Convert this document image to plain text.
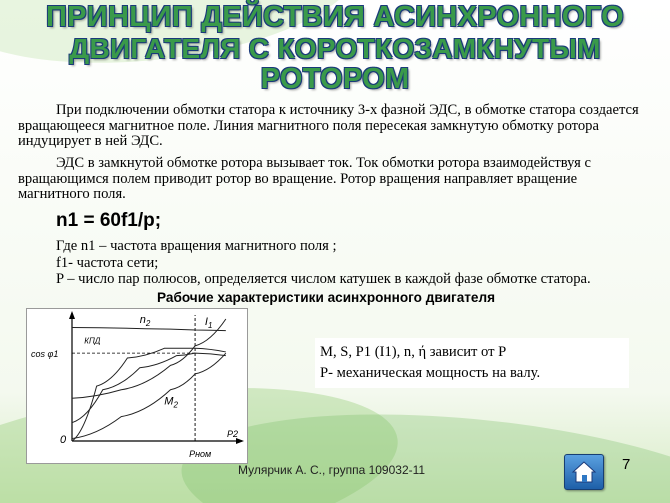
ПРИНЦИП ДЕЙСТВИЯ АСИНХРОННОГО
ДВИГАТЕЛЯ С КОРОТКОЗАМКНУТЫМ
РОТОРОМ
При подключении обмотки статора к источнику 3-х фазной ЭДС, в обмотке статора создается вращающееся магнитное поле. Линия магнитного поля пересекая замкнутую обмотку ротора индуцирует в ней ЭДС.
ЭДС в замкнутой обмотке ротора вызывает ток. Ток обмотки ротора взаимодействуя с вращающимся полем приводит ротор во вращение. Ротор вращения направляет вращение магнитного поля.
n1 = 60f1/p;
Где n1 – частота вращения магнитного поля ;
f1- частота сети;
P – число пар полюсов, определяется числом катушек в каждой фазе обмотке статора.
Рабочие характеристики асинхронного двигателя
$n_2$	$I_1$
КПД
$M_2$
cos φ1
0
Pном
P2
M, S, P1 (I1), n, ή зависит от P
P- механическая мощность на валу.
Мулярчик А. С., группа 109032-11	7
